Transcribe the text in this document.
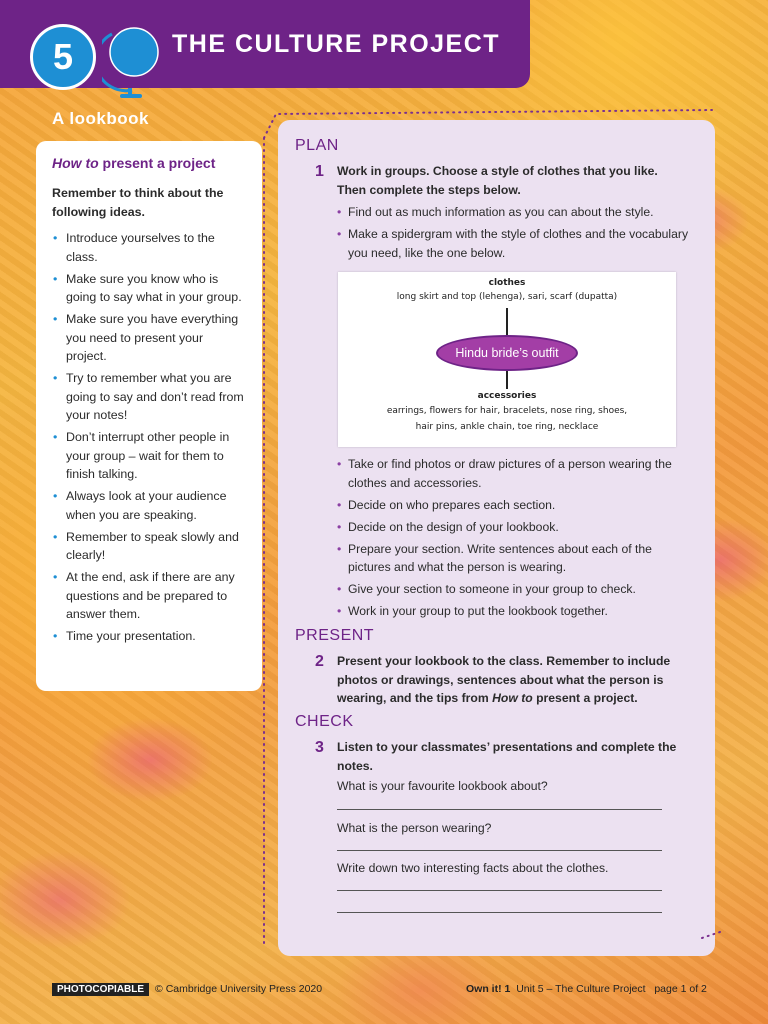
5	THE CULTURE PROJECT
A lookbook

How to present a project

Remember to think about the following ideas.

• Introduce yourselves to the class.
• Make sure you know who is going to say what in your group.
• Make sure you have everything you need to present your project.
• Try to remember what you are going to say and don’t read from your notes!
• Don’t interrupt other people in your group – wait for them to finish talking.
• Always look at your audience when you are speaking.
• Remember to speak slowly and clearly!
• At the end, ask if there are any questions and be prepared to answer them.
• Time your presentation.
PLAN
1 Work in groups. Choose a style of clothes that you like. Then complete the steps below.
• Find out as much information as you can about the style.
• Make a spidergram with the style of clothes and the vocabulary you need, like the one below.
• Take or find photos or draw pictures of a person wearing the clothes and accessories.
• Decide on who prepares each section.
• Decide on the design of your lookbook.
• Prepare your section. Write sentences about each of the pictures and what the person is wearing.
• Give your section to someone in your group to check.
• Work in your group to put the lookbook together.
PRESENT
2 Present your lookbook to the class. Remember to include photos or drawings, sentences about what the person is wearing, and the tips from How to present a project.
CHECK
3 Listen to your classmates’ presentations and complete the notes.
What is your favourite lookbook about?
What is the person wearing?
Write down two interesting facts about the clothes.
clothes
long skirt and top (lehenga), sari, scarf (dupatta)
Hindu bride’s outfit
accessories
earrings, flowers for hair, bracelets, nose ring, shoes,
hair pins, ankle chain, toe ring, necklace
PHOTOCOPIABLE © Cambridge University Press 2020	Own it! 1 Unit 5 – The Culture Project page 1 of 2
